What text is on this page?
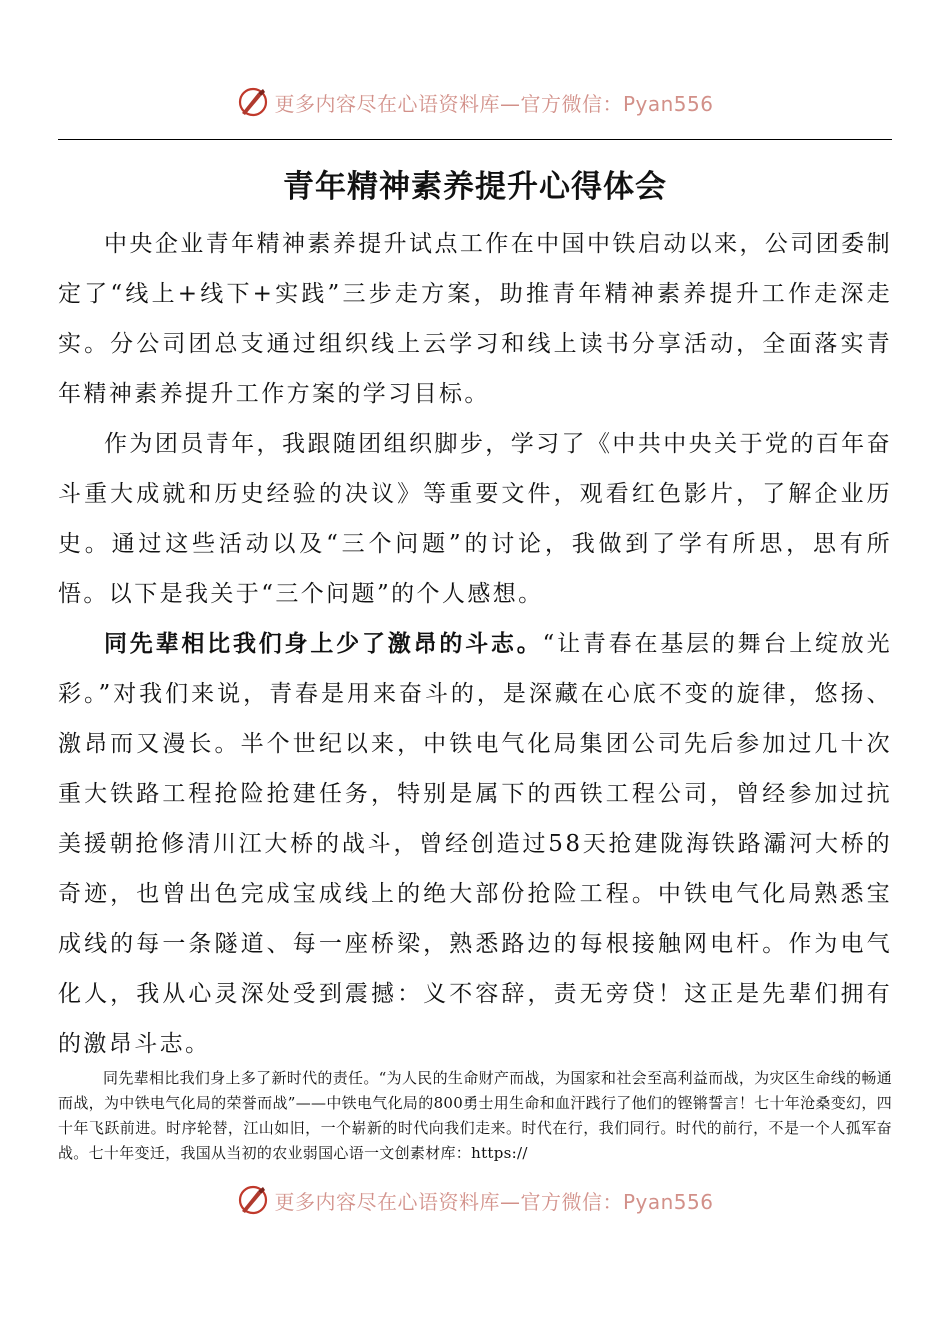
更多内容尽在心语资料库—官方微信：Pyan556
青年精神素养提升心得体会

中央企业青年精神素养提升试点工作在中国中铁启动以来，公司团委制定了“线上+线下+实践”三步走方案，助推青年精神素养提升工作走深走实。分公司团总支通过组织线上云学习和线上读书分享活动，全面落实青年精神素养提升工作方案的学习目标。

作为团员青年，我跟随团组织脚步，学习了《中共中央关于党的百年奋斗重大成就和历史经验的决议》等重要文件，观看红色影片，了解企业历史。通过这些活动以及“三个问题”的讨论，我做到了学有所思，思有所悟。以下是我关于“三个问题”的个人感想。

同先辈相比我们身上少了激昂的斗志。“让青春在基层的舞台上绽放光彩。”对我们来说，青春是用来奋斗的，是深藏在心底不变的旋律，悠扬、激昂而又漫长。半个世纪以来，中铁电气化局集团公司先后参加过几十次重大铁路工程抢险抢建任务，特别是属下的西铁工程公司，曾经参加过抗美援朝抢修清川江大桥的战斗，曾经创造过58天抢建陇海铁路灞河大桥的奇迹，也曾出色完成宝成线上的绝大部份抢险工程。中铁电气化局熟悉宝成线的每一条隧道、每一座桥梁，熟悉路边的每根接触网电杆。作为电气化人，我从心灵深处受到震撼：义不容辞，责无旁贷！这正是先辈们拥有的激昂斗志。

同先辈相比我们身上多了新时代的责任。“为人民的生命财产而战，为国家和社会至高利益而战，为灾区生命线的畅通而战，为中铁电气化局的荣誉而战”——中铁电气化局的800勇士用生命和血汗践行了他们的铿锵誓言！七十年沧桑变幻，四十年飞跃前进。时序轮替，江山如旧，一个崭新的时代向我们走来。时代在行，我们同行。时代的前行，不是一个人孤军奋战。七十年变迁，我国从当初的农业弱国心语一文创素材库：https://

更多内容尽在心语资料库—官方微信：Pyan556
